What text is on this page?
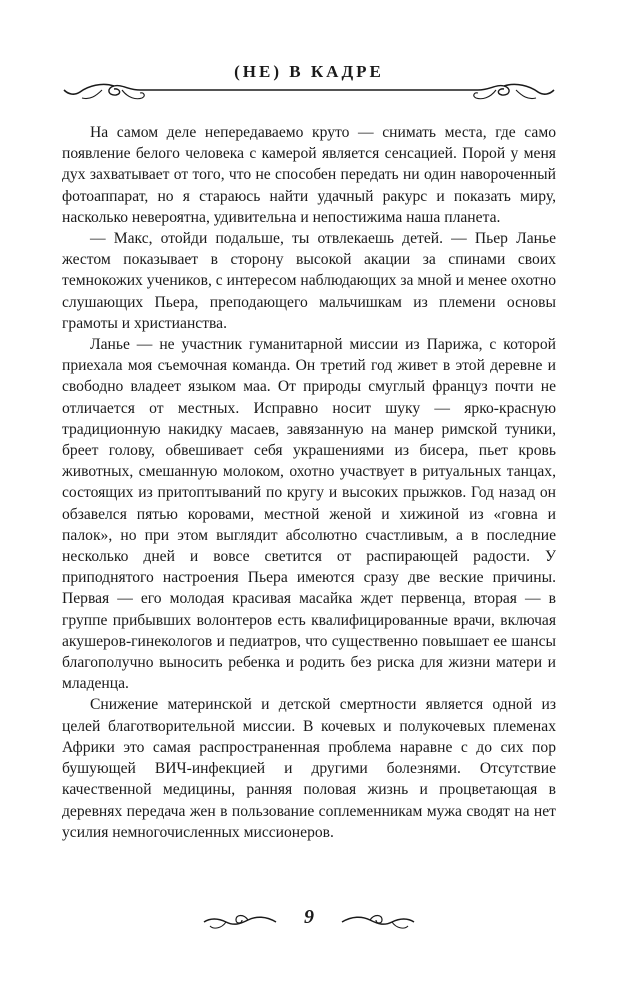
(НЕ) В КАДРЕ

На самом деле непередаваемо круто — снимать места, где само появление белого человека с камерой является сенсацией. Порой у меня дух захватывает от того, что не способен передать ни один навороченный фотоаппарат, но я стараюсь найти удачный ракурс и показать миру, насколько невероятна, удивительна и непостижима наша планета.

— Макс, отойди подальше, ты отвлекаешь детей. — Пьер Ланье жестом показывает в сторону высокой акации за спинами своих темнокожих учеников, с интересом наблюдающих за мной и менее охотно слушающих Пьера, преподающего мальчишкам из племени основы грамоты и христианства.

Ланье — не участник гуманитарной миссии из Парижа, с которой приехала моя съемочная команда. Он третий год живет в этой деревне и свободно владеет языком маа. От природы смуглый француз почти не отличается от местных. Исправно носит шуку — ярко-красную традиционную накидку масаев, завязанную на манер римской туники, бреет голову, обвешивает себя украшениями из бисера, пьет кровь животных, смешанную молоком, охотно участвует в ритуальных танцах, состоящих из притоптываний по кругу и высоких прыжков. Год назад он обзавелся пятью коровами, местной женой и хижиной из «говна и палок», но при этом выглядит абсолютно счастливым, а в последние несколько дней и вовсе светится от распирающей радости. У приподнятого настроения Пьера имеются сразу две веские причины. Первая — его молодая красивая масайка ждет первенца, вторая — в группе прибывших волонтеров есть квалифицированные врачи, включая акушеров-гинекологов и педиатров, что существенно повышает ее шансы благополучно выносить ребенка и родить без риска для жизни матери и младенца.

Снижение материнской и детской смертности является одной из целей благотворительной миссии. В кочевых и полукочевых племенах Африки это самая распространенная проблема наравне с до сих пор бушующей ВИЧ-инфекцией и другими болезнями. Отсутствие качественной медицины, ранняя половая жизнь и процветающая в деревнях передача жен в пользование соплеменникам мужа сводят на нет усилия немногочисленных миссионеров.

9
